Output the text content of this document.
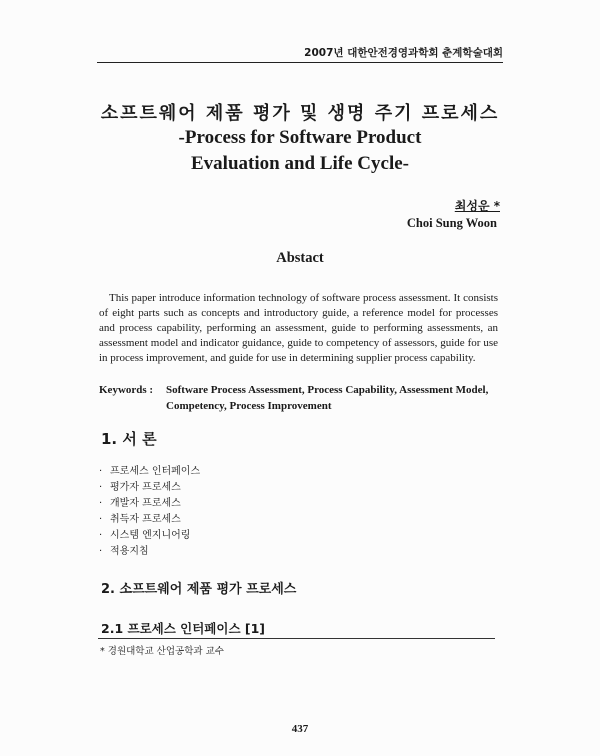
2007년 대한안전경영과학회 춘계학술대회
소프트웨어 제품 평가 및 생명 주기 프로세스
-Process for Software Product
Evaluation and Life Cycle-
최성운 *
Choi Sung Woon
Abstact
This paper introduce information technology of software process assessment. It consists of eight parts such as concepts and introductory guide, a reference model for processes and process capability, performing an assessment, guide to performing assessments, an assessment model and indicator guidance, guide to competency of assessors, guide for use in process improvement, and guide for use in determining supplier process capability.
Keywords :	Software Process Assessment, Process Capability, Assessment Model, Competency, Process Improvement
1. 서 론
· 프로세스 인터페이스
· 평가자 프로세스
· 개발자 프로세스
· 취득자 프로세스
· 시스템 엔지니어링
· 적용지침
2. 소프트웨어 제품 평가 프로세스
2.1 프로세스 인터페이스 [1]
* 경원대학교 산업공학과 교수
437
